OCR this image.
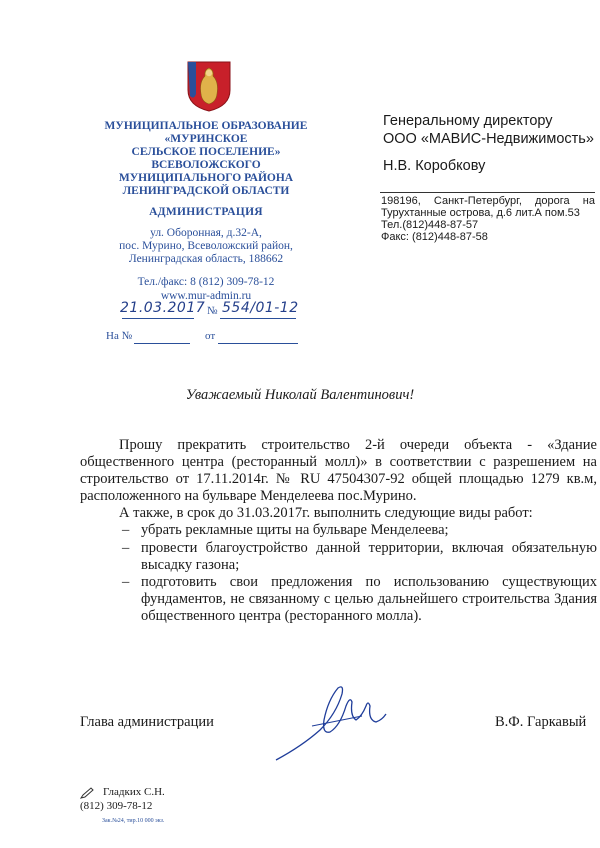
МУНИЦИПАЛЬНОЕ ОБРАЗОВАНИЕ
«МУРИНСКОЕ
СЕЛЬСКОЕ ПОСЕЛЕНИЕ»
ВСЕВОЛОЖСКОГО
МУНИЦИПАЛЬНОГО РАЙОНА
ЛЕНИНГРАДСКОЙ ОБЛАСТИ
АДМИНИСТРАЦИЯ
ул. Оборонная, д.32-А,
пос. Мурино, Всеволожский район,
Ленинградская область, 188662
Тел./факс: 8 (812) 309-78-12
www.mur-admin.ru
21.03.2017 № 554/01-12
На №	от
Генеральному директору
ООО «МАВИС-Недвижимость»
Н.В. Коробкову
198196, Санкт-Петербург, дорога на
Турухтанные острова, д.6 лит.А пом.53
Тел.(812)448-87-57
Факс: (812)448-87-58
Уважаемый Николай Валентинович!
Прошу прекратить строительство 2-й очереди объекта - «Здание
общественного центра (ресторанный молл)» в соответствии с разрешением на
строительство от 17.11.2014г. № RU 47504307-92 общей площадью 1279 кв.м,
расположенного на бульваре Менделеева пос.Мурино.
А также, в срок до 31.03.2017г. выполнить следующие виды работ:
– убрать рекламные щиты на бульваре Менделеева;
– провести благоустройство данной территории, включая обязательную
высадку газона;
– подготовить свои предложения по использованию существующих
фундаментов, не связанному с целью дальнейшего строительства Здания
общественного центра (ресторанного молла).
Глава администрации	В.Ф. Гаркавый
Гладких С.Н.
(812) 309-78-12
Зак.№24, тир.10 000 экз.
